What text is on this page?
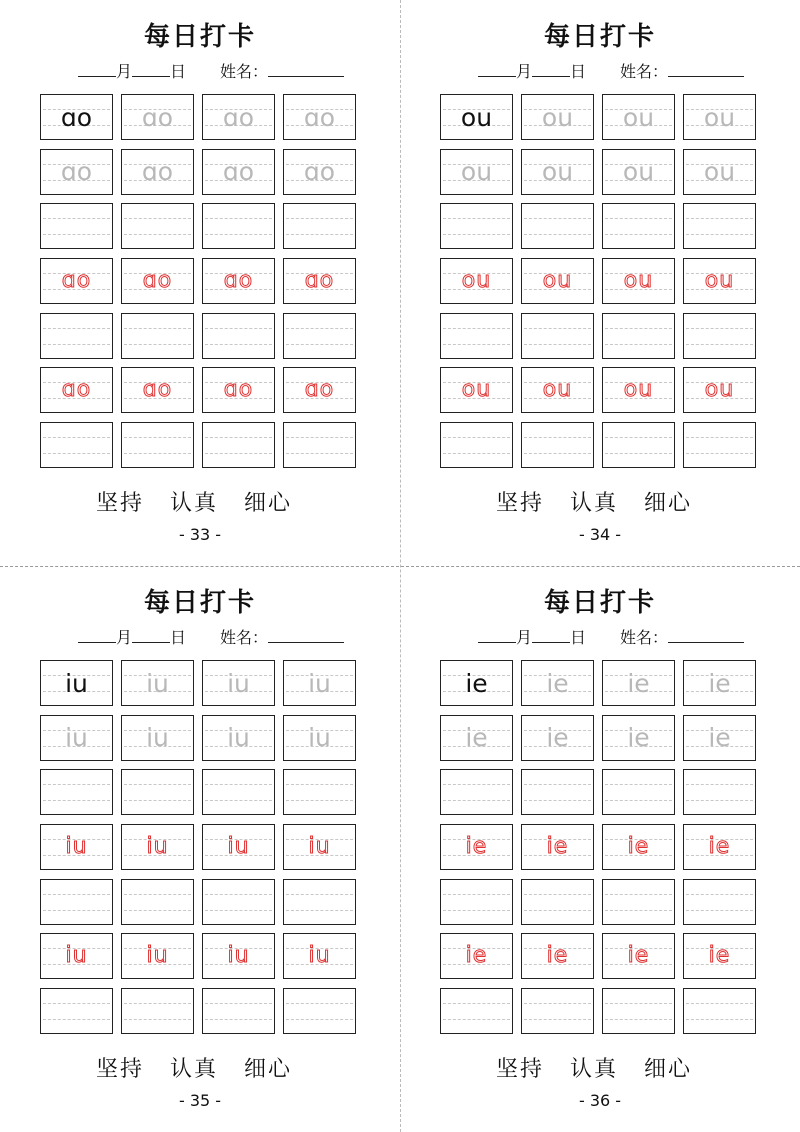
每日打卡
月 日 姓名：
ɑo	ɑo	ɑo	ɑo
ɑo	ɑo	ɑo	ɑo
ɑo	ɑo	ɑo	ɑo
ɑo	ɑo	ɑo	ɑo
坚持 认真 细心
- 33 -
每日打卡
月 日 姓名：
ou	ou	ou	ou
ou	ou	ou	ou
ou	ou	ou	ou
ou	ou	ou	ou
坚持 认真 细心
- 34 -
每日打卡
月 日 姓名：
iu	iu	iu	iu
iu	iu	iu	iu
iu	iu	iu	iu
iu	iu	iu	iu
坚持 认真 细心
- 35 -
每日打卡
月 日 姓名：
ie	ie	ie	ie
ie	ie	ie	ie
ie	ie	ie	ie
ie	ie	ie	ie
坚持 认真 细心
- 36 -
